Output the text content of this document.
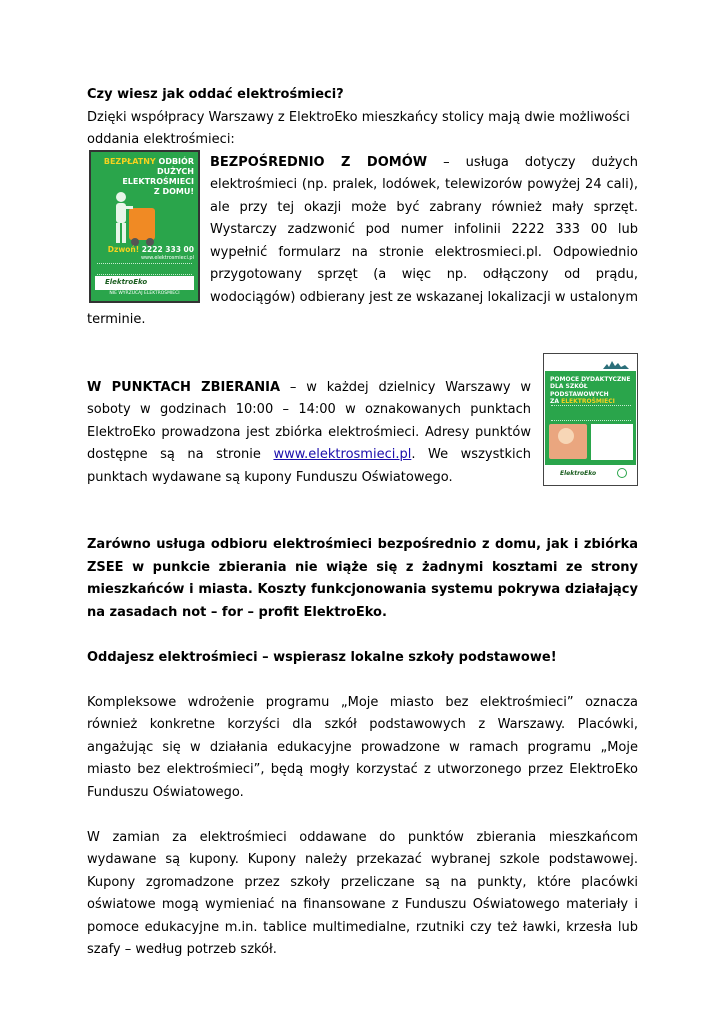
Czy wiesz jak oddać elektrośmieci?

Dzięki współpracy Warszawy z ElektroEko mieszkańcy stolicy mają dwie możliwości oddania elektrośmieci:

BEZPŁATNY ODBIÓR
DUŻYCH ELEKTROŚMIECI
Z DOMU!
Dzwoń! 2222 333 00
www.elektrosmieci.pl
ElektroEko
NIE WYRZUCAJ ELEKTROŚMIECI

BEZPOŚREDNIO Z DOMÓW – usługa dotyczy dużych elektrośmieci (np. pralek, lodówek, telewizorów powyżej 24 cali), ale przy tej okazji może być zabrany również mały sprzęt. Wystarczy zadzwonić pod numer infolinii 2222 333 00 lub wypełnić formularz na stronie elektrosmieci.pl. Odpowiednio przygotowany sprzęt (a więc np. odłączony od prądu, wodociągów) odbierany jest ze wskazanej lokalizacji w ustalonym terminie.

POMOCE DYDAKTYCZNE
DLA SZKÓŁ PODSTAWOWYCH
ZA ELEKTROŚMIECI
ElektroEko

W PUNKTACH ZBIERANIA – w każdej dzielnicy Warszawy w soboty w godzinach 10:00 – 14:00 w oznakowanych punktach ElektroEko prowadzona jest zbiórka elektrośmieci. Adresy punktów dostępne są na stronie www.elektrosmieci.pl. We wszystkich punktach wydawane są kupony Funduszu Oświatowego.

Zarówno usługa odbioru elektrośmieci bezpośrednio z domu, jak i zbiórka ZSEE w punkcie zbierania nie wiąże się z żadnymi kosztami ze strony mieszkańców i miasta. Koszty funkcjonowania systemu pokrywa działający na zasadach not – for – profit ElektroEko.

Oddajesz elektrośmieci – wspierasz lokalne szkoły podstawowe!

Kompleksowe wdrożenie programu „Moje miasto bez elektrośmieci” oznacza również konkretne korzyści dla szkół podstawowych z Warszawy. Placówki, angażując się w działania edukacyjne prowadzone w ramach programu „Moje miasto bez elektrośmieci”, będą mogły korzystać z utworzonego przez ElektroEko Funduszu Oświatowego.

W zamian za elektrośmieci oddawane do punktów zbierania mieszkańcom wydawane są kupony. Kupony należy przekazać wybranej szkole podstawowej. Kupony zgromadzone przez szkoły przeliczane są na punkty, które placówki oświatowe mogą wymieniać na finansowane z Funduszu Oświatowego materiały i pomoce edukacyjne m.in. tablice multimedialne, rzutniki czy też ławki, krzesła lub szafy – według potrzeb szkół.
